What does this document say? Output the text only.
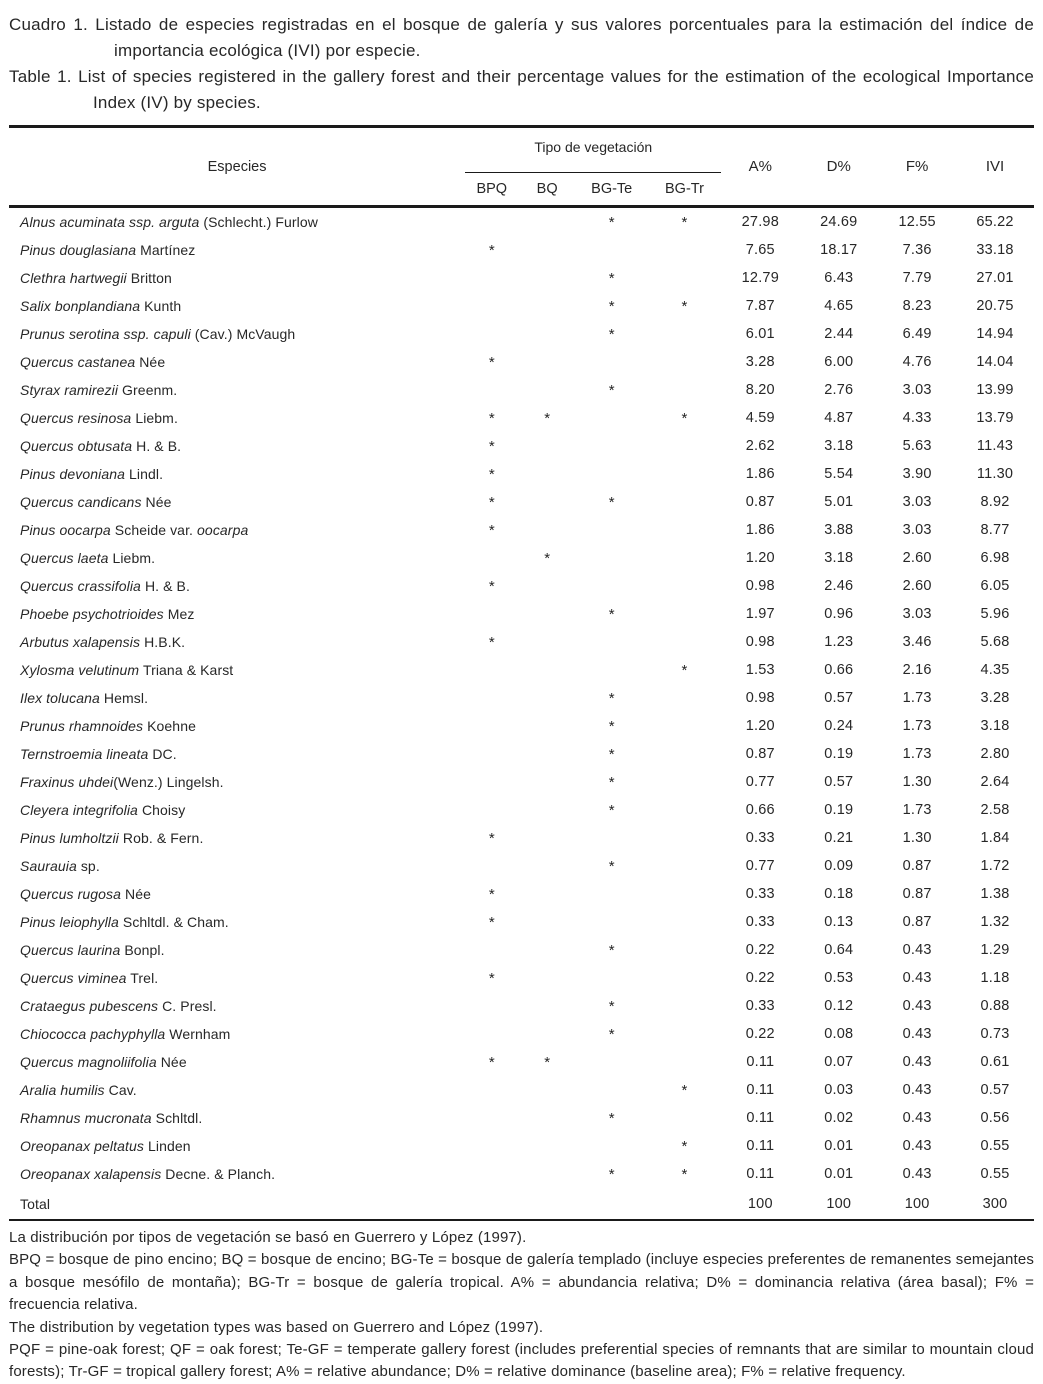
Cuadro 1. Listado de especies registradas en el bosque de galería y sus valores porcentuales para la estimación del índice de importancia ecológica (IVI) por especie.

Table 1. List of species registered in the gallery forest and their percentage values for the estimation of the ecological Importance Index (IV) by species.

Especies	Tipo de vegetación				A%	D%	F%	IVI
	BPQ	BQ	BG-Te	BG-Tr				
Alnus acuminata ssp. arguta (Schlecht.) Furlow			*	*	27.98	24.69	12.55	65.22
Pinus douglasiana Martínez	*				7.65	18.17	7.36	33.18
Clethra hartwegii Britton			*		12.79	6.43	7.79	27.01
Salix bonplandiana Kunth			*	*	7.87	4.65	8.23	20.75
Prunus serotina ssp. capuli (Cav.) McVaugh			*		6.01	2.44	6.49	14.94
Quercus castanea Née	*				3.28	6.00	4.76	14.04
Styrax ramirezii Greenm.			*		8.20	2.76	3.03	13.99
Quercus resinosa Liebm.	*	*		*	4.59	4.87	4.33	13.79
Quercus obtusata H. & B.	*				2.62	3.18	5.63	11.43
Pinus devoniana Lindl.	*				1.86	5.54	3.90	11.30
Quercus candicans Née	*		*		0.87	5.01	3.03	8.92
Pinus oocarpa Scheide var. oocarpa	*				1.86	3.88	3.03	8.77
Quercus laeta Liebm.		*			1.20	3.18	2.60	6.98
Quercus crassifolia H. & B.	*				0.98	2.46	2.60	6.05
Phoebe psychotrioides Mez			*		1.97	0.96	3.03	5.96
Arbutus xalapensis H.B.K.	*				0.98	1.23	3.46	5.68
Xylosma velutinum Triana & Karst				*	1.53	0.66	2.16	4.35
Ilex tolucana Hemsl.			*		0.98	0.57	1.73	3.28
Prunus rhamnoides Koehne			*		1.20	0.24	1.73	3.18
Ternstroemia lineata DC.			*		0.87	0.19	1.73	2.80
Fraxinus uhdei(Wenz.) Lingelsh.			*		0.77	0.57	1.30	2.64
Cleyera integrifolia Choisy			*		0.66	0.19	1.73	2.58
Pinus lumholtzii Rob. & Fern.	*				0.33	0.21	1.30	1.84
Saurauia sp.			*		0.77	0.09	0.87	1.72
Quercus rugosa Née	*				0.33	0.18	0.87	1.38
Pinus leiophylla Schltdl. & Cham.	*				0.33	0.13	0.87	1.32
Quercus laurina Bonpl.			*		0.22	0.64	0.43	1.29
Quercus viminea Trel.	*				0.22	0.53	0.43	1.18
Crataegus pubescens C. Presl.			*		0.33	0.12	0.43	0.88
Chiococca pachyphylla Wernham			*		0.22	0.08	0.43	0.73
Quercus magnoliifolia Née	*	*			0.11	0.07	0.43	0.61
Aralia humilis Cav.				*	0.11	0.03	0.43	0.57
Rhamnus mucronata Schltdl.			*		0.11	0.02	0.43	0.56
Oreopanax peltatus Linden				*	0.11	0.01	0.43	0.55
Oreopanax xalapensis Decne. & Planch.			*	*	0.11	0.01	0.43	0.55
Total					100	100	100	300

La distribución por tipos de vegetación se basó en Guerrero y López (1997).

BPQ = bosque de pino encino; BQ = bosque de encino; BG-Te = bosque de galería templado (incluye especies preferentes de remanentes semejantes a bosque mesófilo de montaña); BG-Tr = bosque de galería tropical. A% = abundancia relativa; D% = dominancia relativa (área basal); F% = frecuencia relativa.

The distribution by vegetation types was based on Guerrero and López (1997).

PQF = pine-oak forest; QF = oak forest; Te-GF = temperate gallery forest (includes preferential species of remnants that are similar to mountain cloud forests); Tr-GF = tropical gallery forest; A% = relative abundance; D% = relative dominance (baseline area); F% = relative frequency.
